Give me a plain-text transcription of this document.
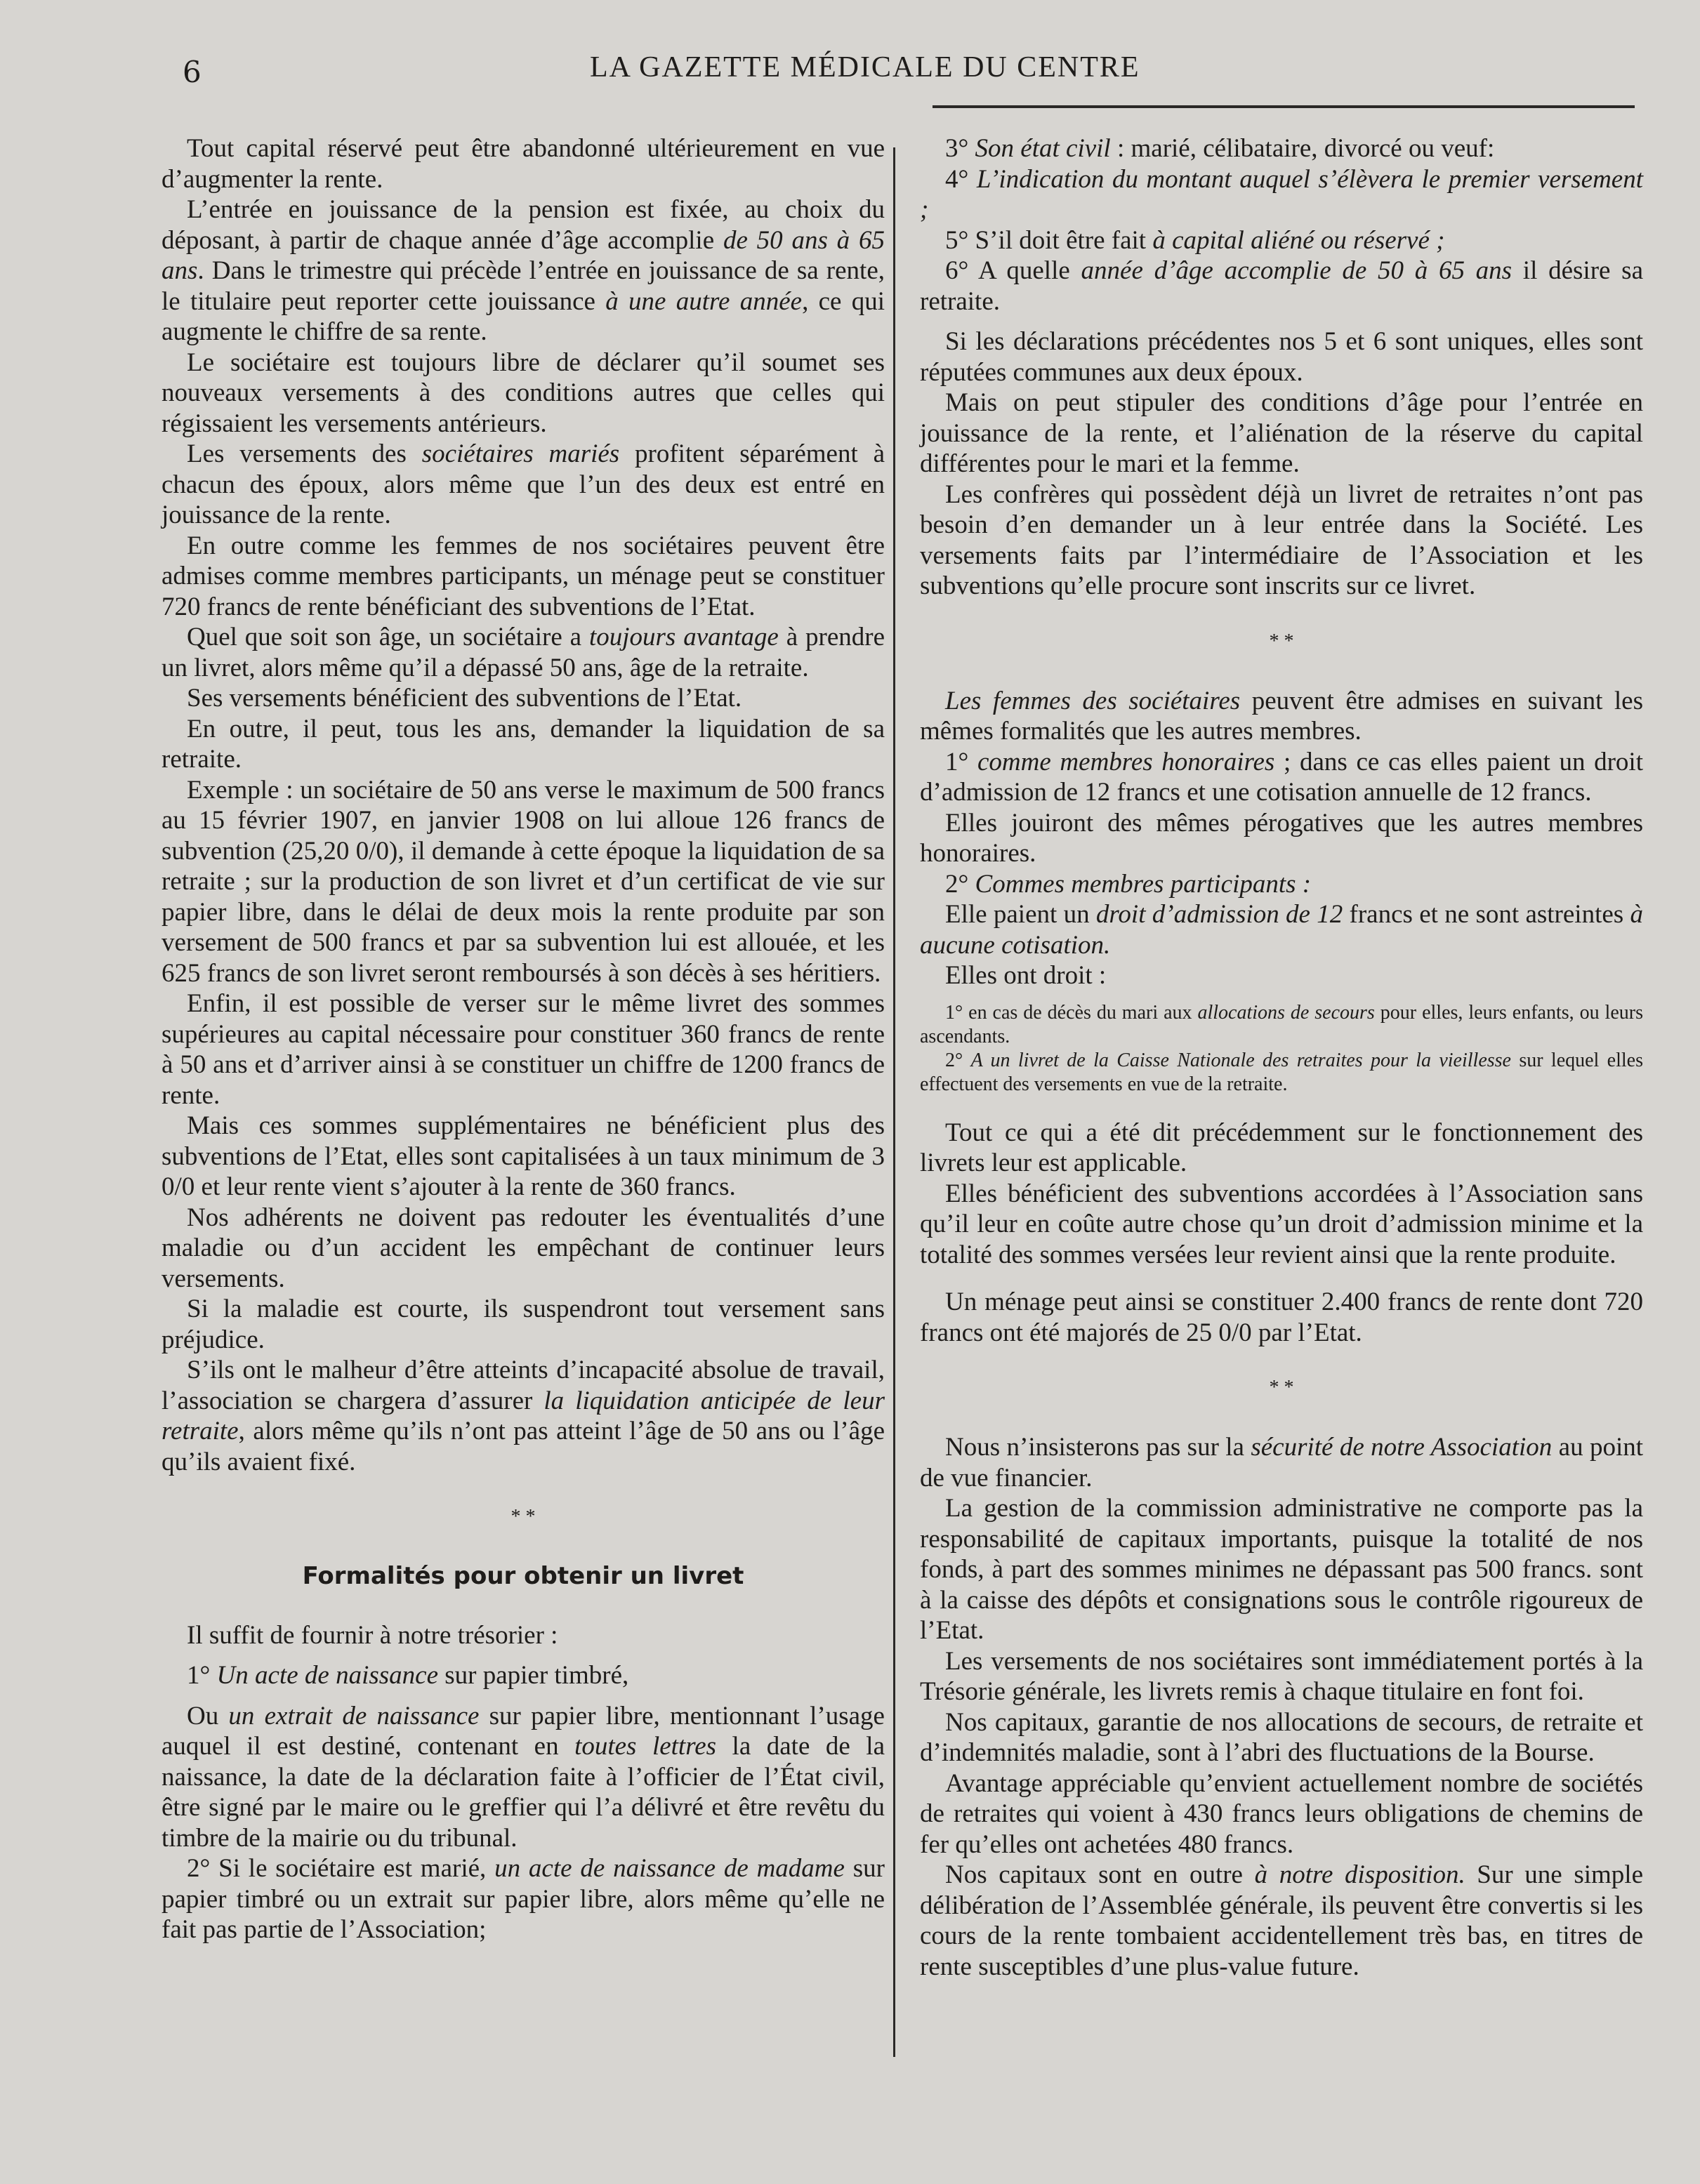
6	LA GAZETTE MÉDICALE DU CENTRE

Tout capital réservé peut être abandonné ultérieurement en vue d’augmenter la rente.

L’entrée en jouissance de la pension est fixée, au choix du déposant, à partir de chaque année d’âge accomplie de 50 ans à 65 ans. Dans le trimestre qui précède l’entrée en jouissance de sa rente, le titulaire peut reporter cette jouissance à une autre année, ce qui augmente le chiffre de sa rente.

Le sociétaire est toujours libre de déclarer qu’il soumet ses nouveaux versements à des conditions autres que celles qui régissaient les versements antérieurs.

Les versements des sociétaires mariés profitent séparément à chacun des époux, alors même que l’un des deux est entré en jouissance de la rente.

En outre comme les femmes de nos sociétaires peuvent être admises comme membres participants, un ménage peut se constituer 720 francs de rente bénéficiant des subventions de l’Etat.

Quel que soit son âge, un sociétaire a toujours avantage à prendre un livret, alors même qu’il a dépassé 50 ans, âge de la retraite.

Ses versements bénéficient des subventions de l’Etat.

En outre, il peut, tous les ans, demander la liquidation de sa retraite.

Exemple : un sociétaire de 50 ans verse le maximum de 500 francs au 15 février 1907, en janvier 1908 on lui alloue 126 francs de subvention (25,20 0/0), il demande à cette époque la liquidation de sa retraite ; sur la production de son livret et d’un certificat de vie sur papier libre, dans le délai de deux mois la rente produite par son versement de 500 francs et par sa subvention lui est allouée, et les 625 francs de son livret seront remboursés à son décès à ses héritiers.

Enfin, il est possible de verser sur le même livret des sommes supérieures au capital nécessaire pour constituer 360 francs de rente à 50 ans et d’arriver ainsi à se constituer un chiffre de 1200 francs de rente.

Mais ces sommes supplémentaires ne bénéficient plus des subventions de l’Etat, elles sont capitalisées à un taux minimum de 3 0/0 et leur rente vient s’ajouter à la rente de 360 francs.

Nos adhérents ne doivent pas redouter les éventualités d’une maladie ou d’un accident les empêchant de continuer leurs versements.

Si la maladie est courte, ils suspendront tout versement sans préjudice.

S’ils ont le malheur d’être atteints d’incapacité absolue de travail, l’association se chargera d’assurer la liquidation anticipée de leur retraite, alors même qu’ils n’ont pas atteint l’âge de 50 ans ou l’âge qu’ils avaient fixé.

* *
Formalités pour obtenir un livret

Il suffit de fournir à notre trésorier :

1° Un acte de naissance sur papier timbré,

Ou un extrait de naissance sur papier libre, mentionnant l’usage auquel il est destiné, contenant en toutes lettres la date de la naissance, la date de la déclaration faite à l’officier de l’État civil, être signé par le maire ou le greffier qui l’a délivré et être revêtu du timbre de la mairie ou du tribunal.

2° Si le sociétaire est marié, un acte de naissance de madame sur papier timbré ou un extrait sur papier libre, alors même qu’elle ne fait pas partie de l’Association;

3° Son état civil : marié, célibataire, divorcé ou veuf:

4° L’indication du montant auquel s’élèvera le premier versement ;

5° S’il doit être fait à capital aliéné ou réservé ;

6° A quelle année d’âge accomplie de 50 à 65 ans il désire sa retraite.

Si les déclarations précédentes nos 5 et 6 sont uniques, elles sont réputées communes aux deux époux.

Mais on peut stipuler des conditions d’âge pour l’entrée en jouissance de la rente, et l’aliénation de la réserve du capital différentes pour le mari et la femme.

Les confrères qui possèdent déjà un livret de retraites n’ont pas besoin d’en demander un à leur entrée dans la Société. Les versements faits par l’intermédiaire de l’Association et les subventions qu’elle procure sont inscrits sur ce livret.

* *

Les femmes des sociétaires peuvent être admises en suivant les mêmes formalités que les autres membres.

1° comme membres honoraires ; dans ce cas elles paient un droit d’admission de 12 francs et une cotisation annuelle de 12 francs.

Elles jouiront des mêmes pérogatives que les autres membres honoraires.

2° Commes membres participants :

Elle paient un droit d’admission de 12 francs et ne sont astreintes à aucune cotisation.

Elles ont droit :

1° en cas de décès du mari aux allocations de secours pour elles, leurs enfants, ou leurs ascendants.

2° A un livret de la Caisse Nationale des retraites pour la vieillesse sur lequel elles effectuent des versements en vue de la retraite.

Tout ce qui a été dit précédemment sur le fonctionnement des livrets leur est applicable.

Elles bénéficient des subventions accordées à l’Association sans qu’il leur en coûte autre chose qu’un droit d’admission minime et la totalité des sommes versées leur revient ainsi que la rente produite.

Un ménage peut ainsi se constituer 2.400 francs de rente dont 720 francs ont été majorés de 25 0/0 par l’Etat.

* *

Nous n’insisterons pas sur la sécurité de notre Association au point de vue financier.

La gestion de la commission administrative ne comporte pas la responsabilité de capitaux importants, puisque la totalité de nos fonds, à part des sommes minimes ne dépassant pas 500 francs. sont à la caisse des dépôts et consignations sous le contrôle rigoureux de l’Etat.

Les versements de nos sociétaires sont immédiatement portés à la Trésorie générale, les livrets remis à chaque titulaire en font foi.

Nos capitaux, garantie de nos allocations de secours, de retraite et d’indemnités maladie, sont à l’abri des fluctuations de la Bourse.

Avantage appréciable qu’envient actuellement nombre de sociétés de retraites qui voient à 430 francs leurs obligations de chemins de fer qu’elles ont achetées 480 francs.

Nos capitaux sont en outre à notre disposition. Sur une simple délibération de l’Assemblée générale, ils peuvent être convertis si les cours de la rente tombaient accidentellement très bas, en titres de rente susceptibles d’une plus-value future.
